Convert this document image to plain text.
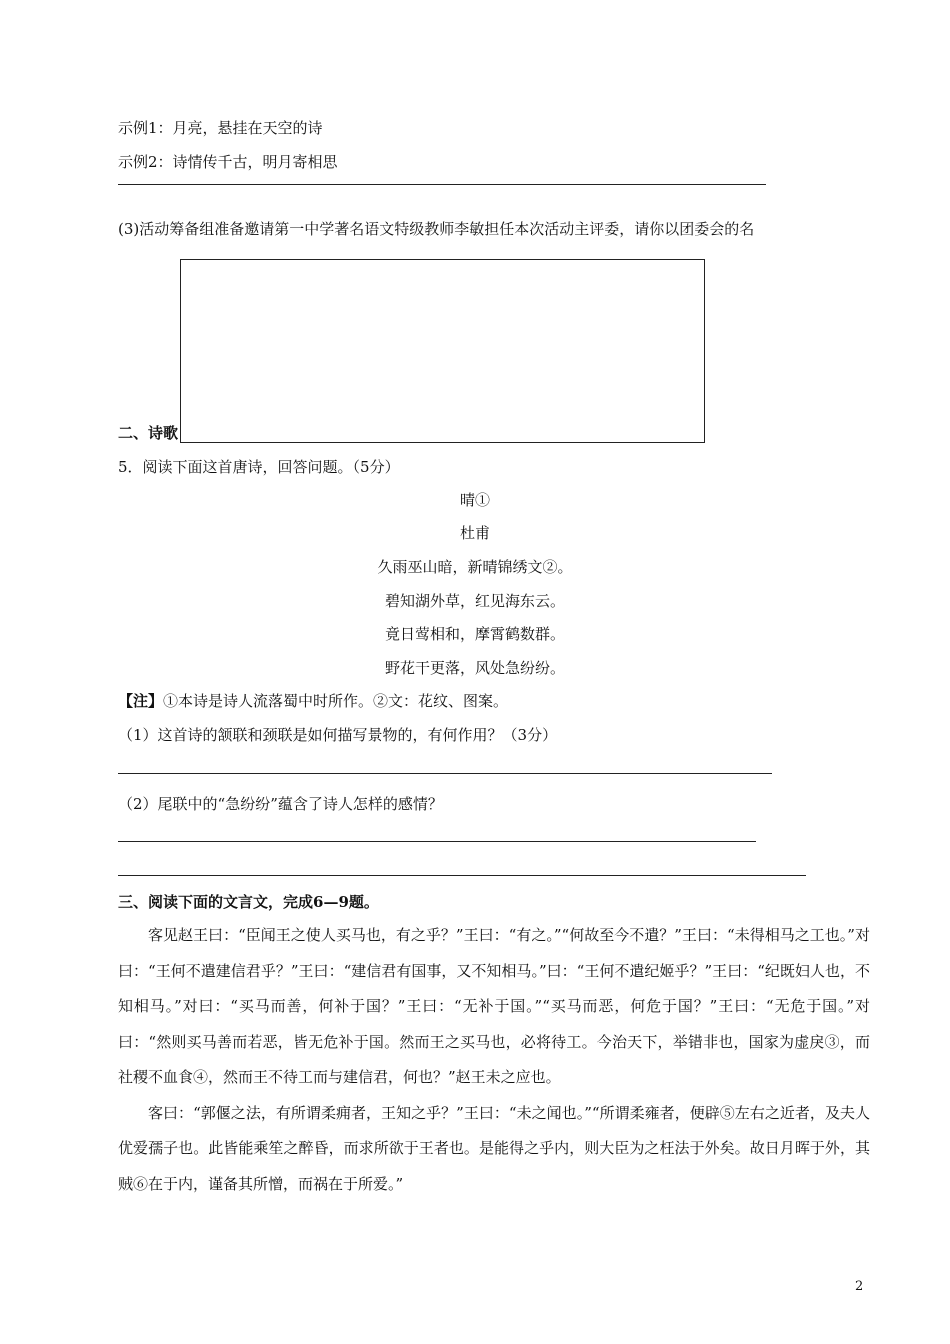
示例1：月亮，悬挂在天空的诗
示例2：诗情传千古，明月寄相思
(3)活动筹备组准备邀请第一中学著名语文特级教师李敏担任本次活动主评委，请你以团委会的名
二、诗歌
5．阅读下面这首唐诗，回答问题。（5分）
晴①
杜甫
久雨巫山暗，新晴锦绣文②。
碧知湖外草，红见海东云。
竟日莺相和，摩霄鹤数群。
野花干更落，风处急纷纷。
【注】①本诗是诗人流落蜀中时所作。②文：花纹、图案。
（1）这首诗的颔联和颈联是如何描写景物的，有何作用？（3分）
（2）尾联中的“急纷纷”蕴含了诗人怎样的感情？
三、阅读下面的文言文，完成6—9题。

客见赵王曰：“臣闻王之使人买马也，有之乎？”王曰：“有之。”“何故至今不遣？”王曰：“未得相马之工也。”对曰：“王何不遣建信君乎？”王曰：“建信君有国事，又不知相马。”曰：“王何不遣纪姬乎？”王曰：“纪既妇人也，不知相马。”对曰：“买马而善，何补于国？”王曰：“无补于国。”“买马而恶，何危于国？”王曰：“无危于国。”对曰：“然则买马善而若恶，皆无危补于国。然而王之买马也，必将待工。今治天下，举错非也，国家为虚戾③，而社稷不血食④，然而王不待工而与建信君，何也？”赵王未之应也。

客曰：“郭偃之法，有所谓柔痈者，王知之乎？”王曰：“未之闻也。”“所谓柔雍者，便辟⑤左右之近者，及夫人优爱孺子也。此皆能乘笙之醉昏，而求所欲于王者也。是能得之乎内，则大臣为之枉法于外矣。故日月晖于外，其贼⑥在于内，谨备其所憎，而祸在于所爱。”

2
